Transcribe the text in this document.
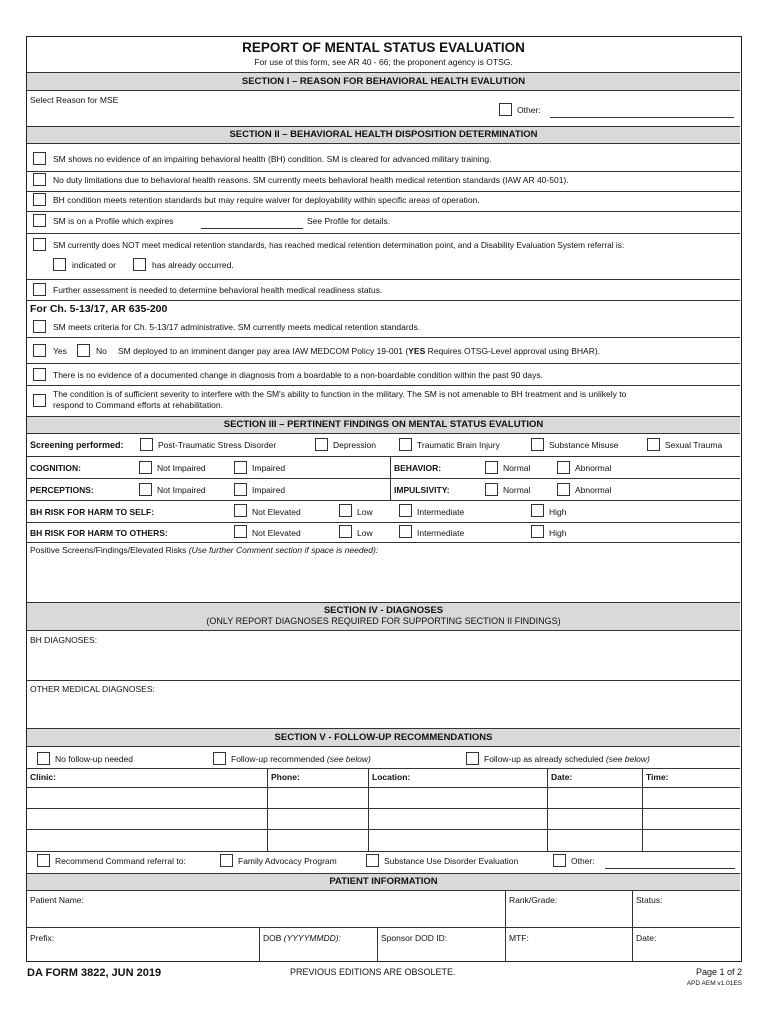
REPORT OF MENTAL STATUS EVALUATION
For use of this form, see AR 40 - 66; the proponent agency is OTSG.
SECTION I – REASON FOR BEHAVIORAL HEALTH EVALUTION
Select Reason for MSE
Other:
SECTION II – BEHAVIORAL HEALTH DISPOSITION DETERMINATION
SM shows no evidence of an impairing behavioral health (BH) condition. SM is cleared for advanced military training.
No duty limitations due to behavioral health reasons. SM currently meets behavioral health medical retention standards (IAW AR 40-501).
BH condition meets retention standards but may require waiver for deployability within specific areas of operation.
SM is on a Profile which expires	See Profile for details.
SM currently does NOT meet medical retention standards, has reached medical retention determination point, and a Disability Evaluation System referral is:
indicated or	has already occurred.
Further assessment is needed to determine behavioral health medical readiness status.
For Ch. 5-13/17, AR 635-200
SM meets criteria for Ch. 5-13/17 administrative. SM currently meets medical retention standards.
Yes	No SM deployed to an imminent danger pay area IAW MEDCOM Policy 19-001 (YES Requires OTSG-Level approval using BHAR).
There is no evidence of a documented change in diagnosis from a boardable to a non-boardable condition within the past 90 days.
The condition is of sufficient severity to interfere with the SM's ability to function in the military. The SM is not amenable to BH treatment and is unlikely to
respond to Command efforts at rehabilitation.
SECTION III – PERTINENT FINDINGS ON MENTAL STATUS EVALUTION
Screening performed:	Post-Traumatic Stress Disorder	Depression	Traumatic Brain Injury	Substance Misuse	Sexual Trauma
COGNITION:	Not Impaired	Impaired	BEHAVIOR:	Normal	Abnormal
PERCEPTIONS:	Not Impaired	Impaired	IMPULSIVITY:	Normal	Abnormal
BH RISK FOR HARM TO SELF:	Not Elevated	Low	Intermediate	High
BH RISK FOR HARM TO OTHERS:	Not Elevated	Low	Intermediate	High
Positive Screens/Findings/Elevated Risks (Use further Comment section if space is needed):
SECTION IV - DIAGNOSES
(ONLY REPORT DIAGNOSES REQUIRED FOR SUPPORTING SECTION II FINDINGS)
BH DIAGNOSES:
OTHER MEDICAL DIAGNOSES:
SECTION V - FOLLOW-UP RECOMMENDATIONS
No follow-up needed	Follow-up recommended (see below)	Follow-up as already scheduled (see below)
Clinic:	Phone:	Location:	Date:	Time:
Recommend Command referral to:	Family Advocacy Program	Substance Use Disorder Evaluation	Other:
PATIENT INFORMATION
Patient Name:	Rank/Grade:	Status:
Prefix:	DOB (YYYYMMDD):	Sponsor DOD ID:	MTF:	Date:
DA FORM 3822, JUN 2019	PREVIOUS EDITIONS ARE OBSOLETE.	Page 1 of 2
APD AEM v1.01ES
